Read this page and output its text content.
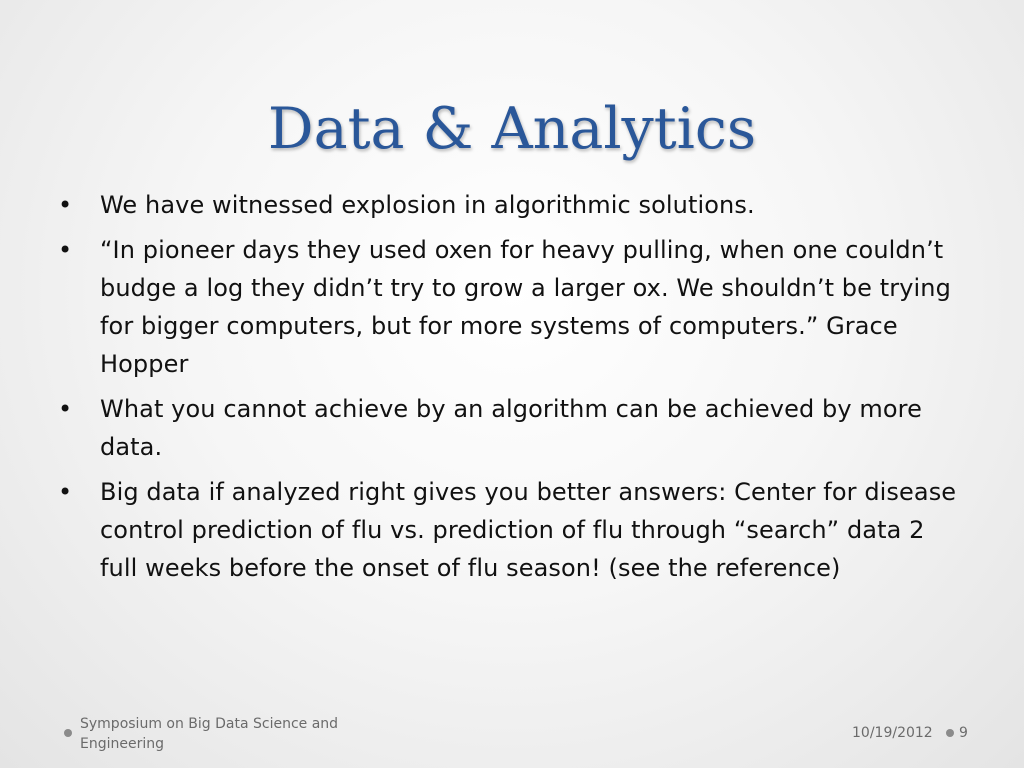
Data & Analytics
• We have witnessed explosion in algorithmic solutions.
• “In pioneer days they used oxen for heavy pulling, when one couldn’t budge a log they didn’t try to grow a larger ox. We shouldn’t be trying for bigger computers, but for more systems of computers.” Grace Hopper
• What you cannot achieve by an algorithm can be achieved by more data.
• Big data if analyzed right gives you better answers: Center for disease control prediction of flu vs. prediction of flu through “search” data 2 full weeks before the onset of flu season! (see the reference)
Symposium on Big Data Science and Engineering
10/19/2012 9
